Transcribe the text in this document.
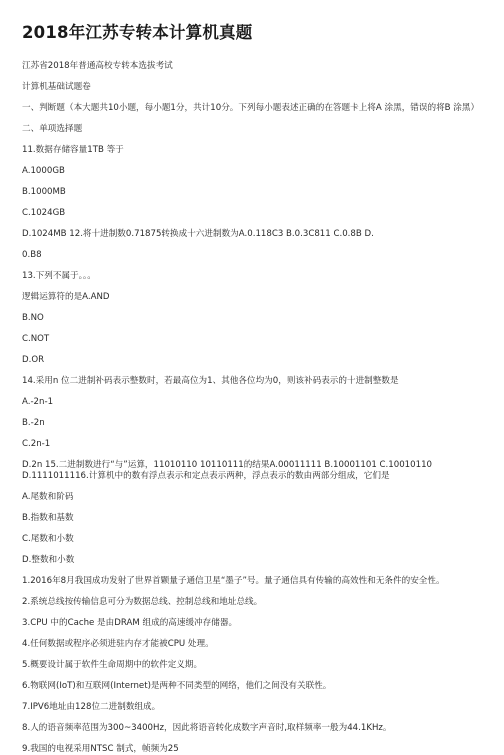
2018年江苏专转本计算机真题
江苏省2018年普通高校专转本选拔考试
计算机基础试题卷
一、判断题（本大题共10小题，每小题1分，共计10分。下列每小题表述正确的在答题卡上将A 涂黑，错误的将B 涂黑）
二、单项选择题
11.数据存储容量1TB 等于
A.1000GB
B.1000MB
C.1024GB
D.1024MB 12.将十进制数0.71875转换成十六进制数为A.0.118C3 B.0.3C811 C.0.8B D.
0.B8
13.下列不属于。。。
逻辑运算符的是A.AND
B.NO
C.NOT
D.OR
14.采用n 位二进制补码表示整数时，若最高位为1、其他各位均为0，则该补码表示的十进制整数是
A.-2n-1
B.-2n
C.2n-1
D.2n 15.二进制数进行“与”运算，11010110 10110111的结果A.00011111 B.10001101 C.10010110 D.1111011116.计算机中的数有浮点表示和定点表示两种，浮点表示的数由两部分组成，它们是
A.尾数和阶码
B.指数和基数
C.尾数和小数
D.整数和小数
1.2016年8月我国成功发射了世界首颗量子通信卫星“墨子”号。量子通信具有传输的高效性和无条件的安全性。
2.系统总线按传输信息可分为数据总线、控制总线和地址总线。
3.CPU 中的Cache 是由DRAM 组成的高速缓冲存储器。
4.任何数据或程序必须进驻内存才能被CPU 处理。
5.概要设计属于软件生命周期中的软件定义期。
6.物联网(IoT)和互联网(Internet)是两种不同类型的网络，他们之间没有关联性。
7.IPV6地址由128位二进制数组成。
8.人的语音频率范围为300~3400Hz，因此将语音转化成数字声音时,取样频率一般为44.1KHz。
9.我国的电视采用NTSC 制式，帧频为25
